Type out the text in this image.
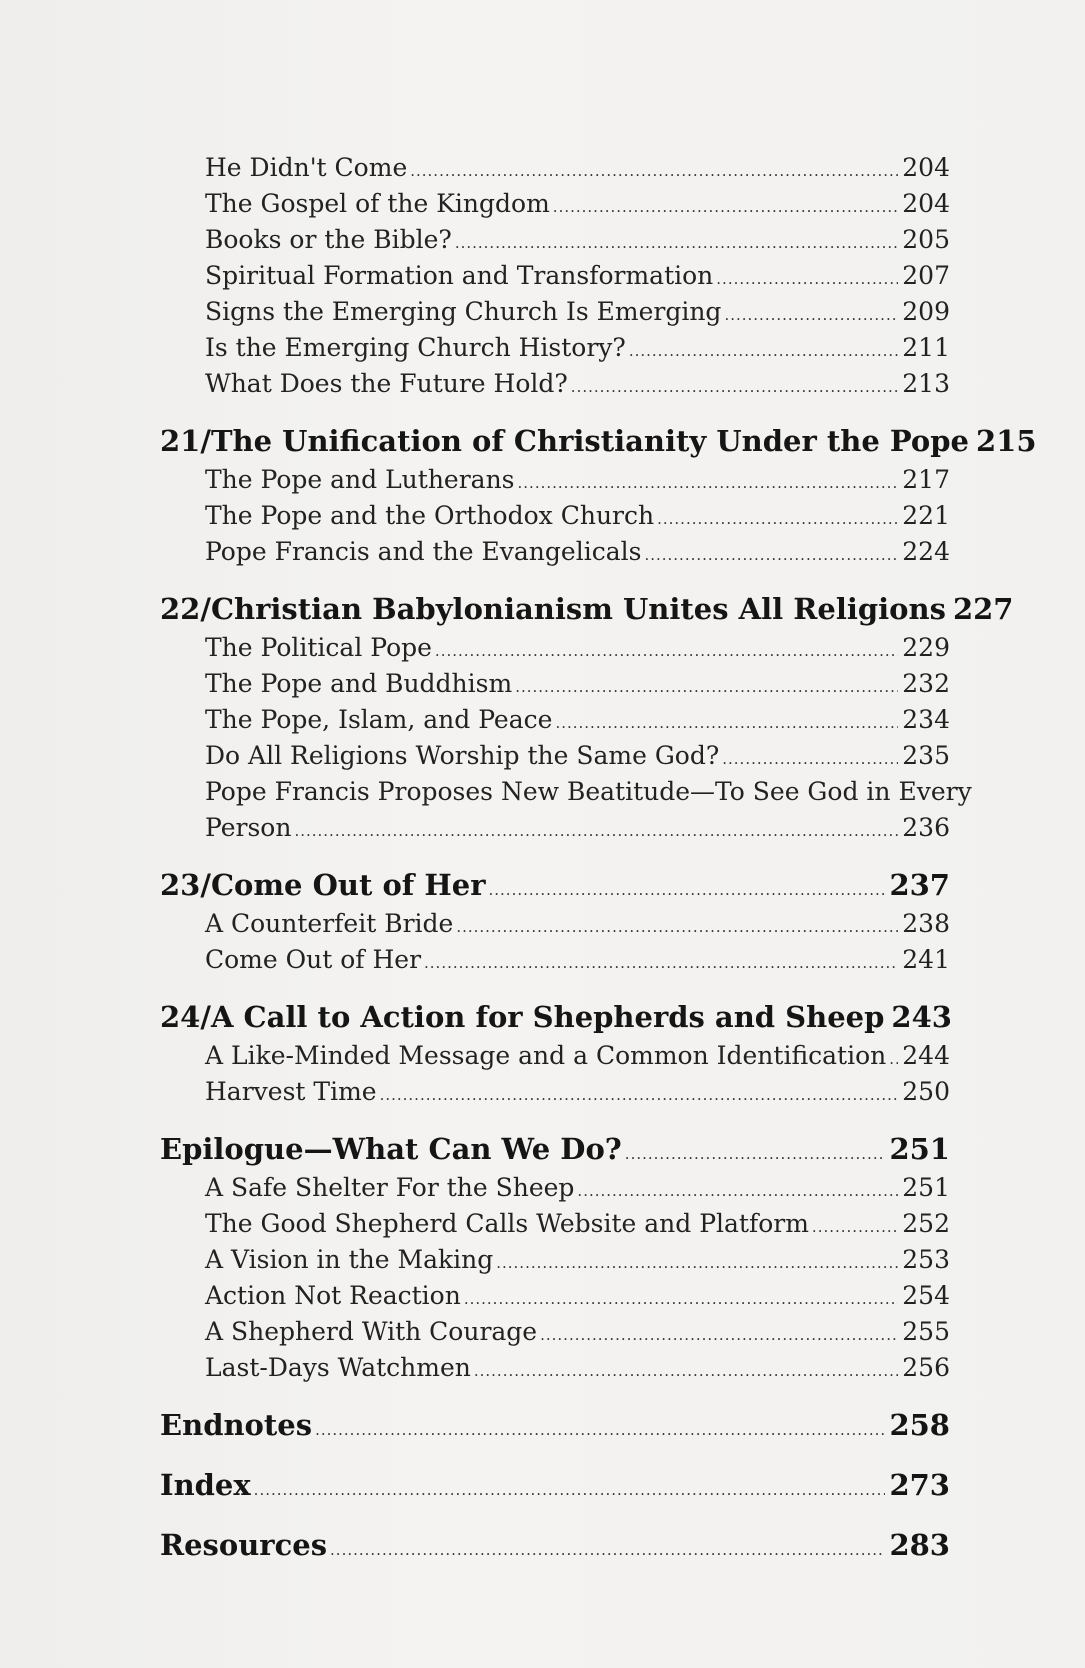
He Didn't Come .....	204
The Gospel of the Kingdom .....	204
Books or the Bible? .....	205
Spiritual Formation and Transformation .....	207
Signs the Emerging Church Is Emerging .....	209
Is the Emerging Church History? .....	211
What Does the Future Hold? .....	213
21/The Unification of Christianity Under the Pope 215
The Pope and Lutherans .....	217
The Pope and the Orthodox Church .....	221
Pope Francis and the Evangelicals .....	224
22/Christian Babylonianism Unites All Religions 227
The Political Pope .....	229
The Pope and Buddhism .....	232
The Pope, Islam, and Peace .....	234
Do All Religions Worship the Same God? .....	235
Pope Francis Proposes New Beatitude—To See God in Every
Person .....	236
23/Come Out of Her .....	237
A Counterfeit Bride .....	238
Come Out of Her .....	241
24/A Call to Action for Shepherds and Sheep 243
A Like-Minded Message and a Common Identification ..... 244
Harvest Time .....	250
Epilogue—What Can We Do? .....	251
A Safe Shelter For the Sheep .....	251
The Good Shepherd Calls Website and Platform .....	252
A Vision in the Making .....	253
Action Not Reaction .....	254
A Shepherd With Courage .....	255
Last-Days Watchmen .....	256
Endnotes .....	258
Index .....	273
Resources .....	283
